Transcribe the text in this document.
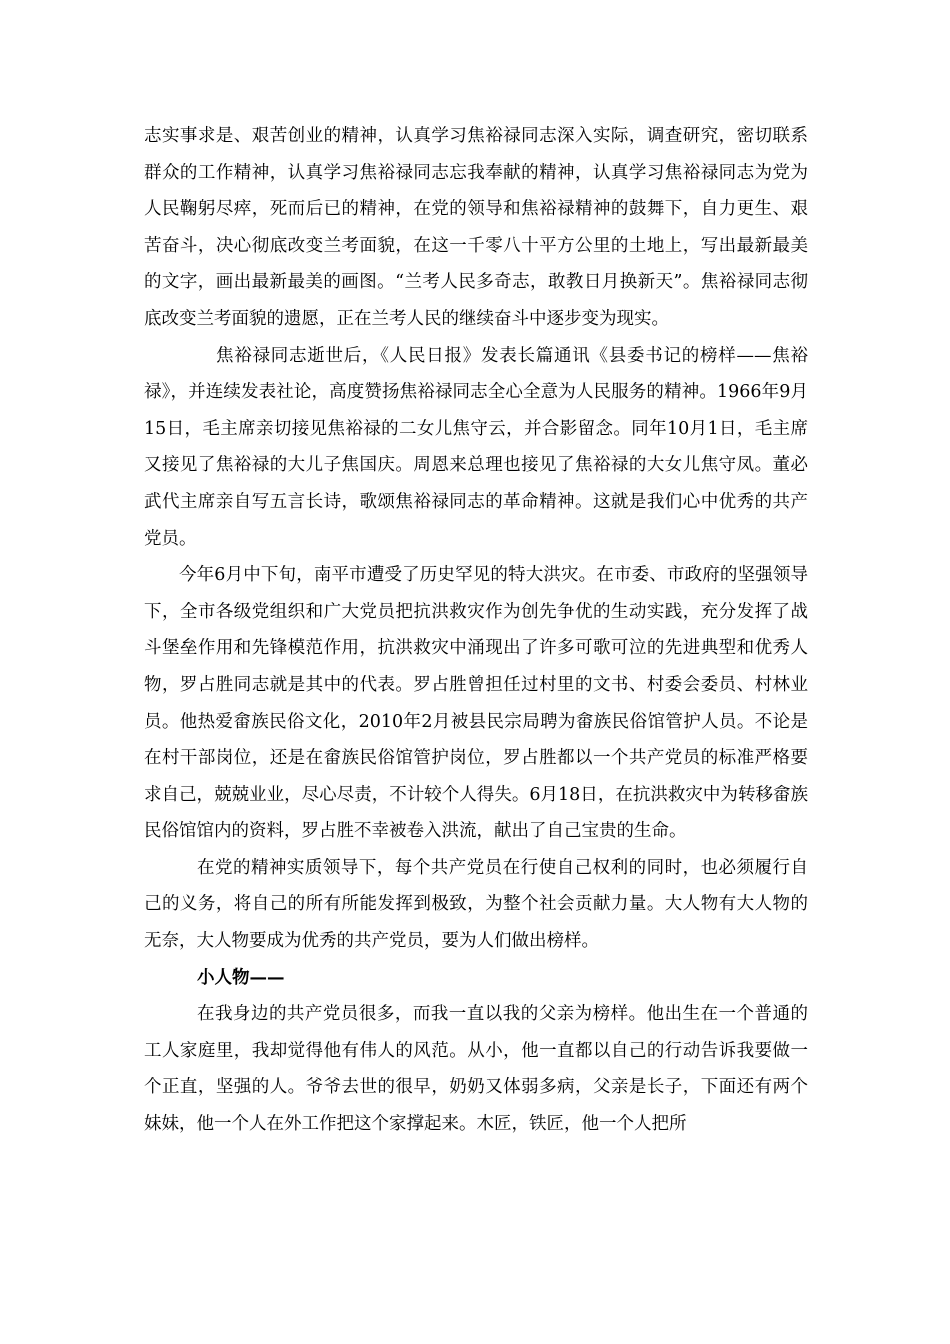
志实事求是、艰苦创业的精神，认真学习焦裕禄同志深入实际，调查研究，密切联系群众的工作精神，认真学习焦裕禄同志忘我奉献的精神，认真学习焦裕禄同志为党为人民鞠躬尽瘁，死而后已的精神，在党的领导和焦裕禄精神的鼓舞下，自力更生、艰苦奋斗，决心彻底改变兰考面貌，在这一千零八十平方公里的土地上，写出最新最美的文字，画出最新最美的画图。“兰考人民多奇志，敢教日月换新天”。焦裕禄同志彻底改变兰考面貌的遗愿，正在兰考人民的继续奋斗中逐步变为现实。

焦裕禄同志逝世后，《人民日报》发表长篇通讯《县委书记的榜样——焦裕禄》，并连续发表社论，高度赞扬焦裕禄同志全心全意为人民服务的精神。1966年9月15日，毛主席亲切接见焦裕禄的二女儿焦守云，并合影留念。同年10月1日，毛主席又接见了焦裕禄的大儿子焦国庆。周恩来总理也接见了焦裕禄的大女儿焦守凤。董必武代主席亲自写五言长诗，歌颂焦裕禄同志的革命精神。这就是我们心中优秀的共产党员。

今年6月中下旬，南平市遭受了历史罕见的特大洪灾。在市委、市政府的坚强领导下，全市各级党组织和广大党员把抗洪救灾作为创先争优的生动实践，充分发挥了战斗堡垒作用和先锋模范作用，抗洪救灾中涌现出了许多可歌可泣的先进典型和优秀人物，罗占胜同志就是其中的代表。罗占胜曾担任过村里的文书、村委会委员、村林业员。他热爱畲族民俗文化，2010年2月被县民宗局聘为畲族民俗馆管护人员。不论是在村干部岗位，还是在畲族民俗馆管护岗位，罗占胜都以一个共产党员的标准严格要求自己，兢兢业业，尽心尽责，不计较个人得失。6月18日，在抗洪救灾中为转移畲族民俗馆馆内的资料，罗占胜不幸被卷入洪流，献出了自己宝贵的生命。

在党的精神实质领导下，每个共产党员在行使自己权利的同时，也必须履行自己的义务，将自己的所有所能发挥到极致，为整个社会贡献力量。大人物有大人物的无奈，大人物要成为优秀的共产党员，要为人们做出榜样。

小人物——

在我身边的共产党员很多，而我一直以我的父亲为榜样。他出生在一个普通的工人家庭里，我却觉得他有伟人的风范。从小，他一直都以自己的行动告诉我要做一个正直，坚强的人。爷爷去世的很早，奶奶又体弱多病，父亲是长子，下面还有两个妹妹，他一个人在外工作把这个家撑起来。木匠，铁匠，他一个人把所
